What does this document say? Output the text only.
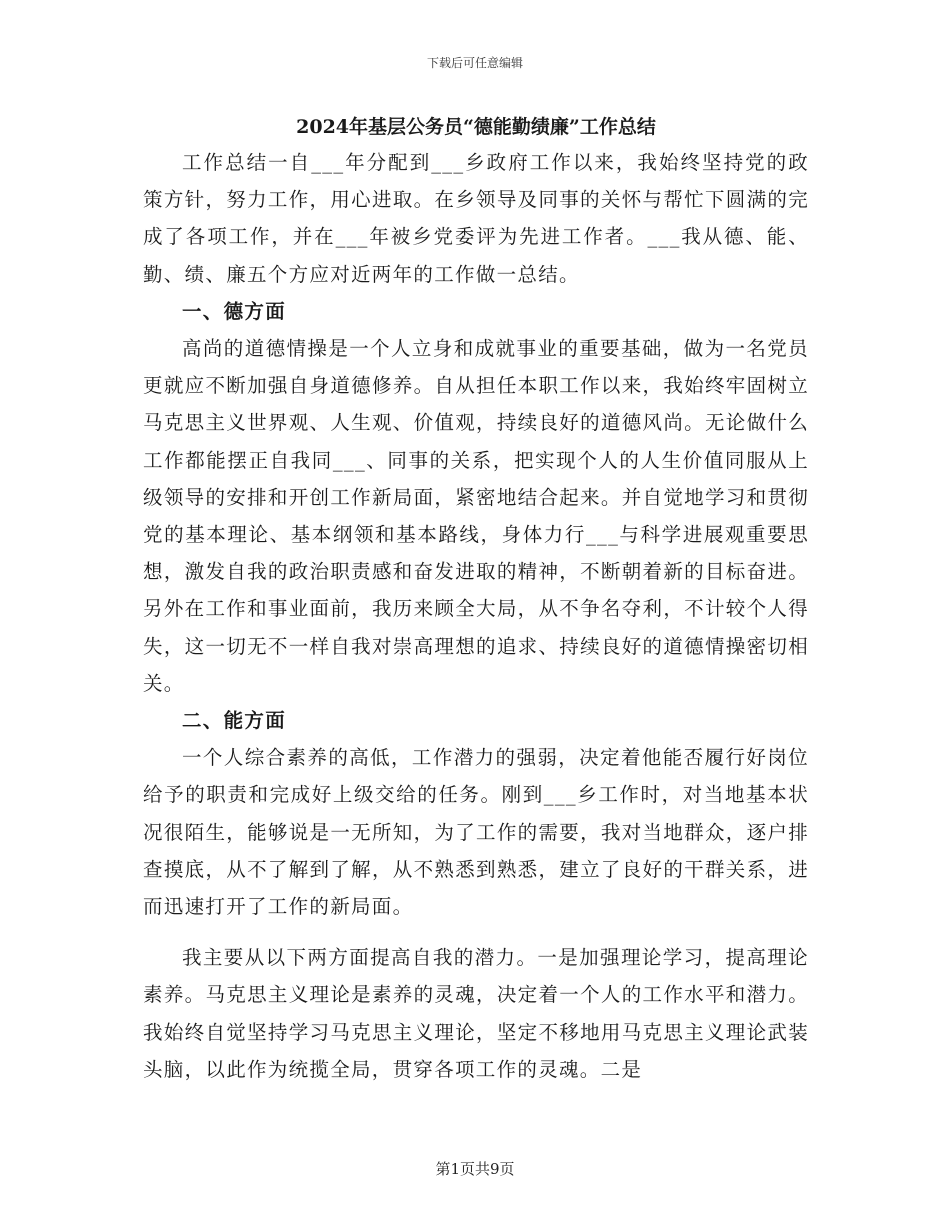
下载后可任意编辑
2024年基层公务员“德能勤绩廉”工作总结

工作总结一自___年分配到___乡政府工作以来，我始终坚持党的政策方针，努力工作，用心进取。在乡领导及同事的关怀与帮忙下圆满的完成了各项工作，并在___年被乡党委评为先进工作者。___我从德、能、勤、绩、廉五个方应对近两年的工作做一总结。

一、德方面

高尚的道德情操是一个人立身和成就事业的重要基础，做为一名党员更就应不断加强自身道德修养。自从担任本职工作以来，我始终牢固树立马克思主义世界观、人生观、价值观，持续良好的道德风尚。无论做什么工作都能摆正自我同___、同事的关系，把实现个人的人生价值同服从上级领导的安排和开创工作新局面，紧密地结合起来。并自觉地学习和贯彻党的基本理论、基本纲领和基本路线，身体力行___与科学进展观重要思想，激发自我的政治职责感和奋发进取的精神，不断朝着新的目标奋进。另外在工作和事业面前，我历来顾全大局，从不争名夺利，不计较个人得失，这一切无不一样自我对崇高理想的追求、持续良好的道德情操密切相关。

二、能方面

一个人综合素养的高低，工作潜力的强弱，决定着他能否履行好岗位给予的职责和完成好上级交给的任务。刚到___乡工作时，对当地基本状况很陌生，能够说是一无所知，为了工作的需要，我对当地群众，逐户排查摸底，从不了解到了解，从不熟悉到熟悉，建立了良好的干群关系，进而迅速打开了工作的新局面。

我主要从以下两方面提高自我的潜力。一是加强理论学习，提高理论素养。马克思主义理论是素养的灵魂，决定着一个人的工作水平和潜力。我始终自觉坚持学习马克思主义理论，坚定不移地用马克思主义理论武装头脑，以此作为统揽全局，贯穿各项工作的灵魂。二是

第1页共9页
